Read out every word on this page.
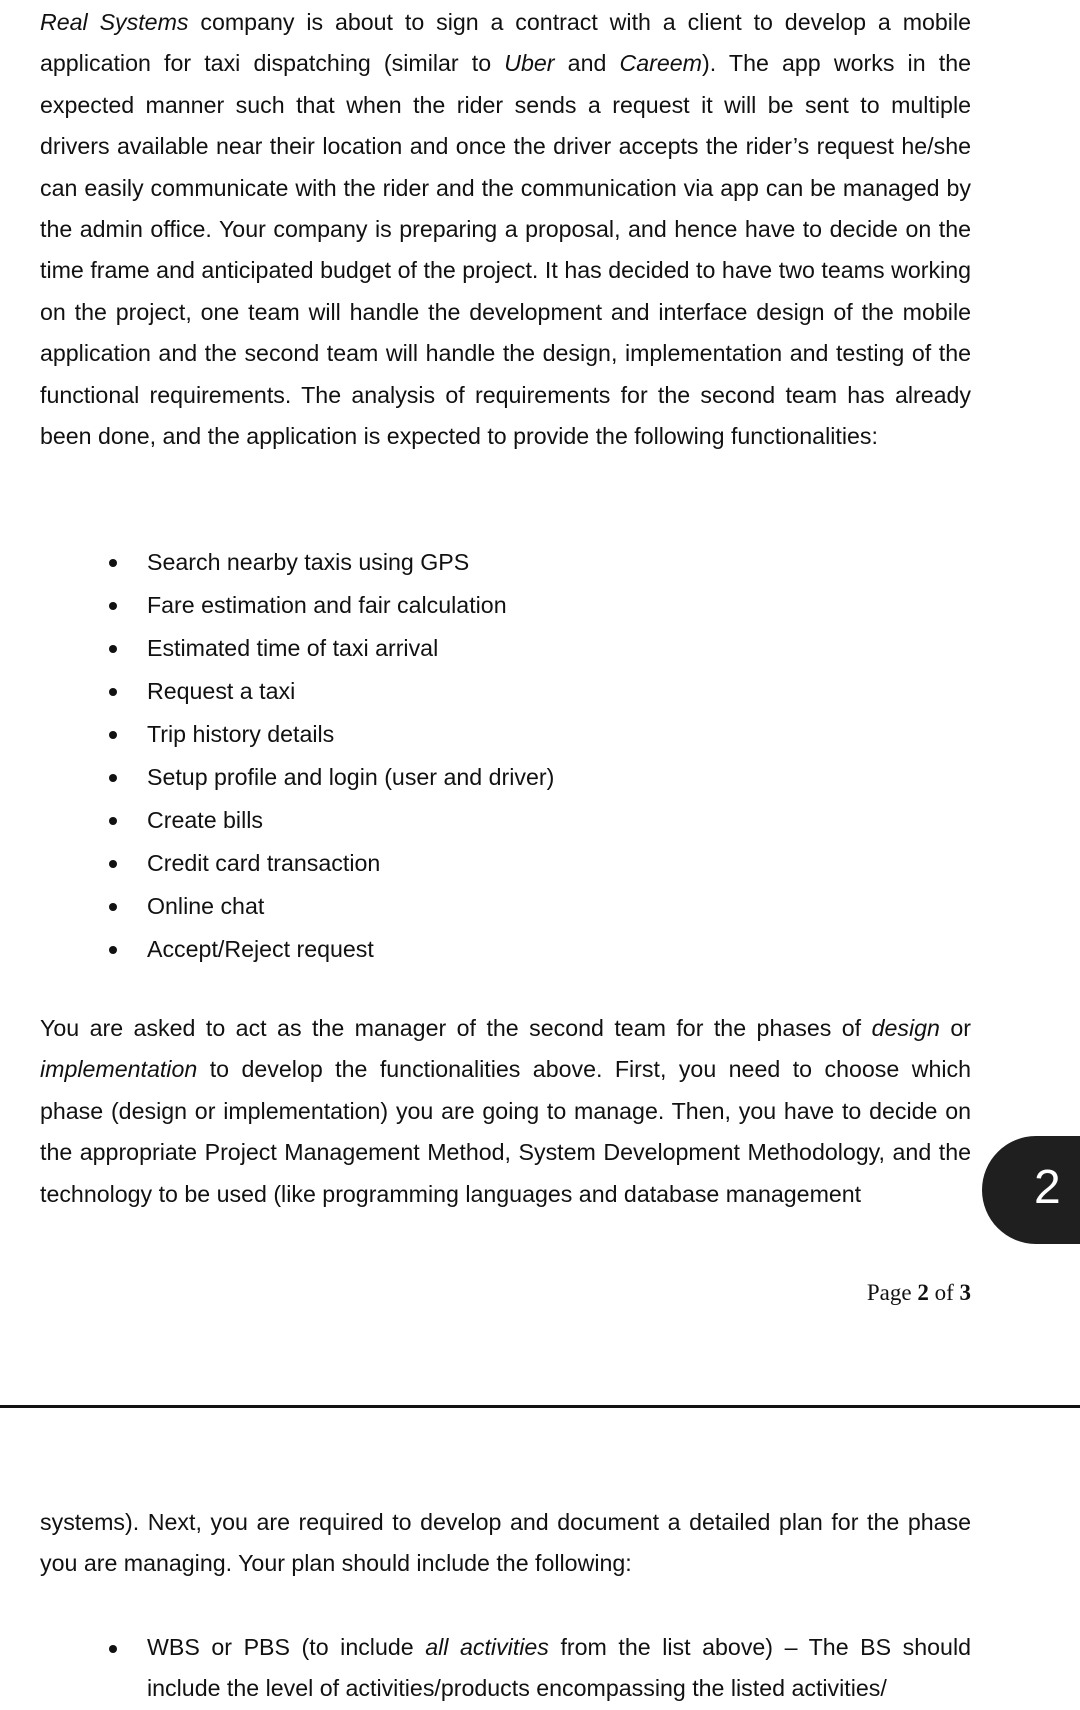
Real Systems company is about to sign a contract with a client to develop a mobile application for taxi dispatching (similar to Uber and Careem). The app works in the expected manner such that when the rider sends a request it will be sent to multiple drivers available near their location and once the driver accepts the rider’s request he/she can easily communicate with the rider and the communication via app can be managed by the admin office. Your company is preparing a proposal, and hence have to decide on the time frame and anticipated budget of the project. It has decided to have two teams working on the project, one team will handle the development and interface design of the mobile application and the second team will handle the design, implementation and testing of the functional requirements. The analysis of requirements for the second team has already been done, and the application is expected to provide the following functionalities:

Search nearby taxis using GPS
Fare estimation and fair calculation
Estimated time of taxi arrival
Request a taxi
Trip history details
Setup profile and login (user and driver)
Create bills
Credit card transaction
Online chat
Accept/Reject request

You are asked to act as the manager of the second team for the phases of design or implementation to develop the functionalities above. First, you need to choose which phase (design or implementation) you are going to manage. Then, you have to decide on the appropriate Project Management Method, System Development Methodology, and the technology to be used (like programming languages and database management	2
Page 2 of 3

systems). Next, you are required to develop and document a detailed plan for the phase you are managing. Your plan should include the following:

WBS or PBS (to include all activities from the list above) – The BS should include the level of activities/products encompassing the listed activities/
